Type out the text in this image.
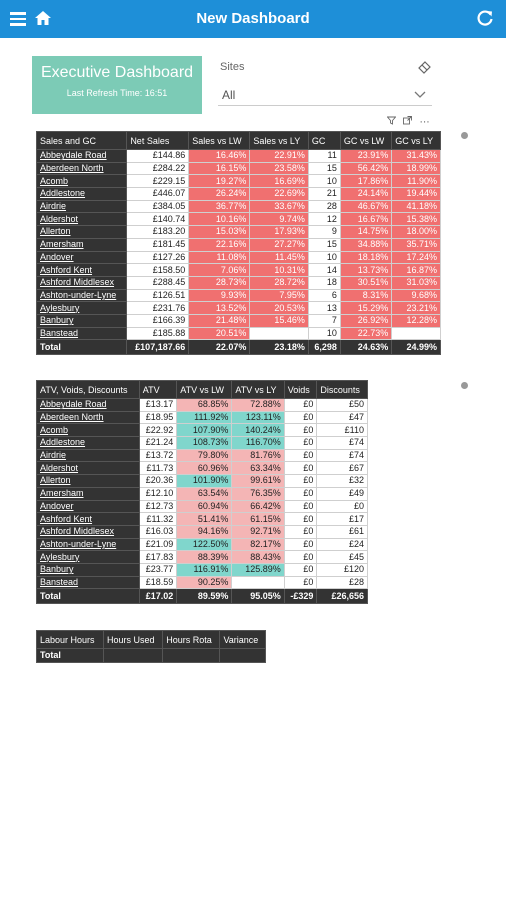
New Dashboard
Executive Dashboard
Last Refresh Time: 16:51
Sites
All
⋯
Sales and GC	Net Sales	Sales vs LW	Sales vs LY	GC	GC vs LW	GC vs LY
Abbeydale Road	£144.86	16.46%	22.91%	11	23.91%	31.43%
Aberdeen North	£284.22	16.15%	23.58%	15	56.42%	18.99%
Acomb	£229.15	19.27%	16.69%	10	17.86%	11.90%
Addlestone	£446.07	26.24%	22.69%	21	24.14%	19.44%
Airdrie	£384.05	36.77%	33.67%	28	46.67%	41.18%
Aldershot	£140.74	10.16%	9.74%	12	16.67%	15.38%
Allerton	£183.20	15.03%	17.93%	9	14.75%	18.00%
Amersham	£181.45	22.16%	27.27%	15	34.88%	35.71%
Andover	£127.26	11.08%	11.45%	10	18.18%	17.24%
Ashford Kent	£158.50	7.06%	10.31%	14	13.73%	16.87%
Ashford Middlesex	£288.45	28.73%	28.72%	18	30.51%	31.03%
Ashton-under-Lyne	£126.51	9.93%	7.95%	6	8.31%	9.68%
Aylesbury	£231.76	13.52%	20.53%	13	15.29%	23.21%
Banbury	£166.39	21.48%	15.46%	7	26.92%	12.28%
Banstead	£185.88	20.51%		10	22.73%	
Total	£107,187.66	22.07%	23.18%	6,298	24.63%	24.99%
ATV, Voids, Discounts	ATV	ATV vs LW	ATV vs LY	Voids	Discounts
Abbeydale Road	£13.17	68.85%	72.88%	£0	£50
Aberdeen North	£18.95	111.92%	123.11%	£0	£47
Acomb	£22.92	107.90%	140.24%	£0	£110
Addlestone	£21.24	108.73%	116.70%	£0	£74
Airdrie	£13.72	79.80%	81.76%	£0	£74
Aldershot	£11.73	60.96%	63.34%	£0	£67
Allerton	£20.36	101.90%	99.61%	£0	£32
Amersham	£12.10	63.54%	76.35%	£0	£49
Andover	£12.73	60.94%	66.42%	£0	£0
Ashford Kent	£11.32	51.41%	61.15%	£0	£17
Ashford Middlesex	£16.03	94.16%	92.71%	£0	£61
Ashton-under-Lyne	£21.09	122.50%	82.17%	£0	£24
Aylesbury	£17.83	88.39%	88.43%	£0	£45
Banbury	£23.77	116.91%	125.89%	£0	£120
Banstead	£18.59	90.25%		£0	£28
Total	£17.02	89.59%	95.05%	-£329	£26,656
Labour Hours	Hours Used	Hours Rota	Variance
Total			
